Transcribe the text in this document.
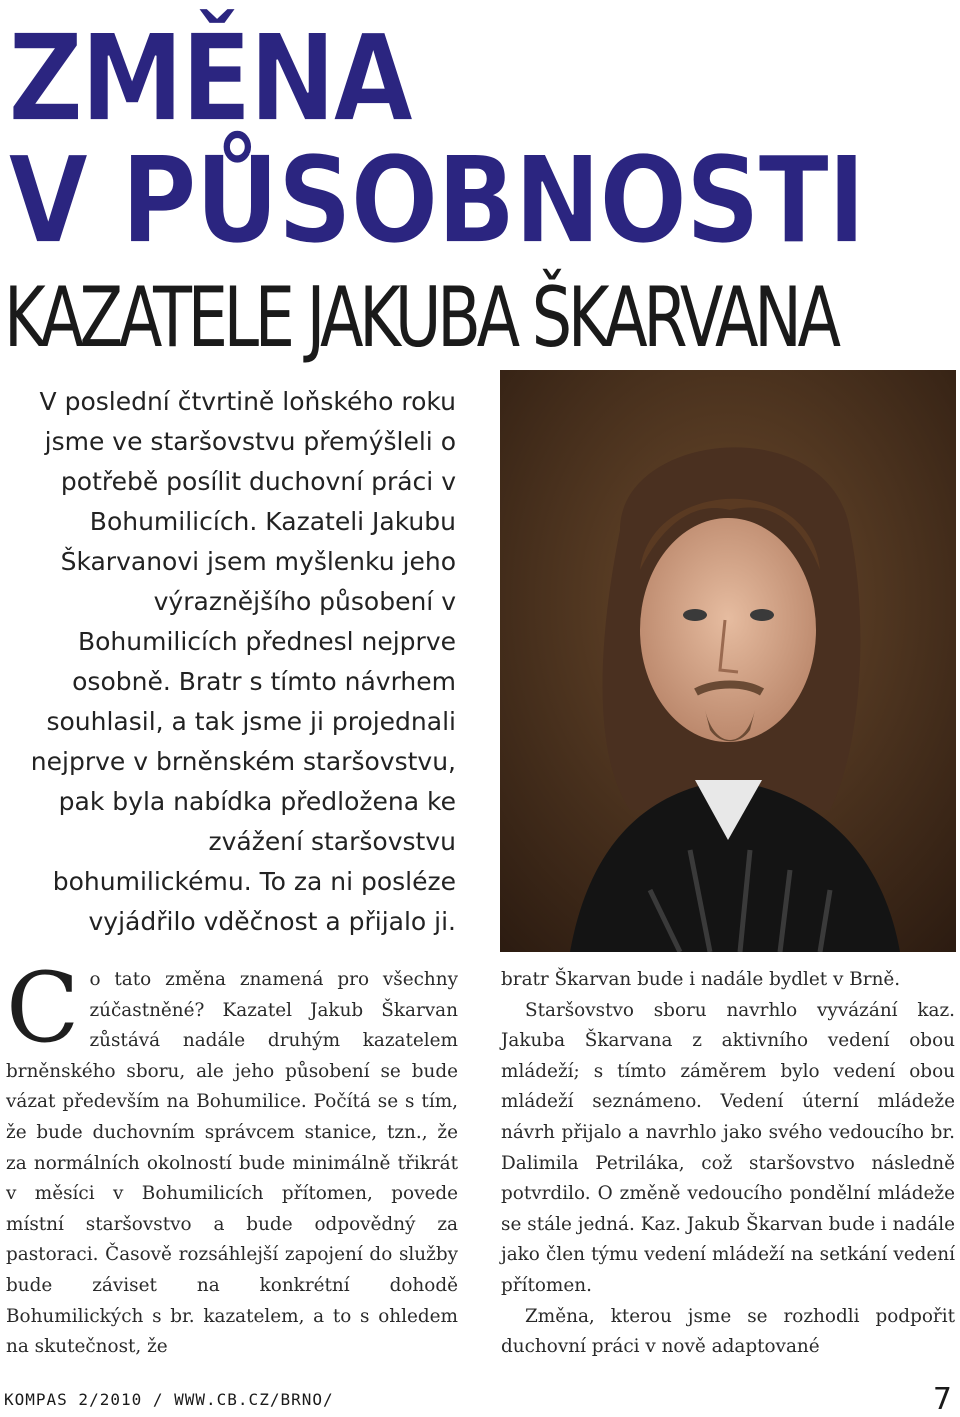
ZMĚNA
V PŮSOBNOSTI
KAZATELE JAKUBA ŠKARVANA

V poslední čtvrtině loňského roku jsme ve staršovstvu přemýšleli o potřebě posílit duchovní práci v Bohumilicích. Kazateli Jakubu Škarvanovi jsem myšlenku jeho výraznějšího působení v Bohumilicích přednesl nejprve osobně. Bratr s tímto návrhem souhlasil, a tak jsme ji projednali nejprve v brněnském staršovstvu, pak byla nabídka předložena ke zvážení staršovstvu bohumilickému. To za ni posléze vyjádřilo vděčnost a přijalo ji.

C o tato změna znamená pro všechny zúčastněné? Kazatel Jakub Škarvan zůstává nadále druhým kazatelem brněnského sboru, ale jeho působení se bude vázat především na Bohumilice. Počítá se s tím, že bude duchovním správcem stanice, tzn., že za normálních okolností bude minimálně třikrát v měsíci v Bohumilicích přítomen, povede místní staršovstvo a bude odpovědný za pastoraci. Časově rozsáhlejší zapojení do služby bude záviset na konkrétní dohodě Bohumilických s br. kazatelem, a to s ohledem na skutečnost, že

bratr Škarvan bude i nadále bydlet v Brně.

Staršovstvo sboru navrhlo vyvázání kaz. Jakuba Škarvana z aktivního vedení obou mládeží; s tímto záměrem bylo vedení obou mládeží seznámeno. Vedení úterní mládeže návrh přijalo a navrhlo jako svého vedoucího br. Dalimila Petriláka, což staršovstvo následně potvrdilo. O změně vedoucího pondělní mládeže se stále jedná. Kaz. Jakub Škarvan bude i nadále jako člen týmu vedení mládeží na setkání vedení přítomen.

Změna, kterou jsme se rozhodli podpořit duchovní práci v nově adaptované

KOMPAS 2/2010 / WWW.CB.CZ/BRNO/	7
